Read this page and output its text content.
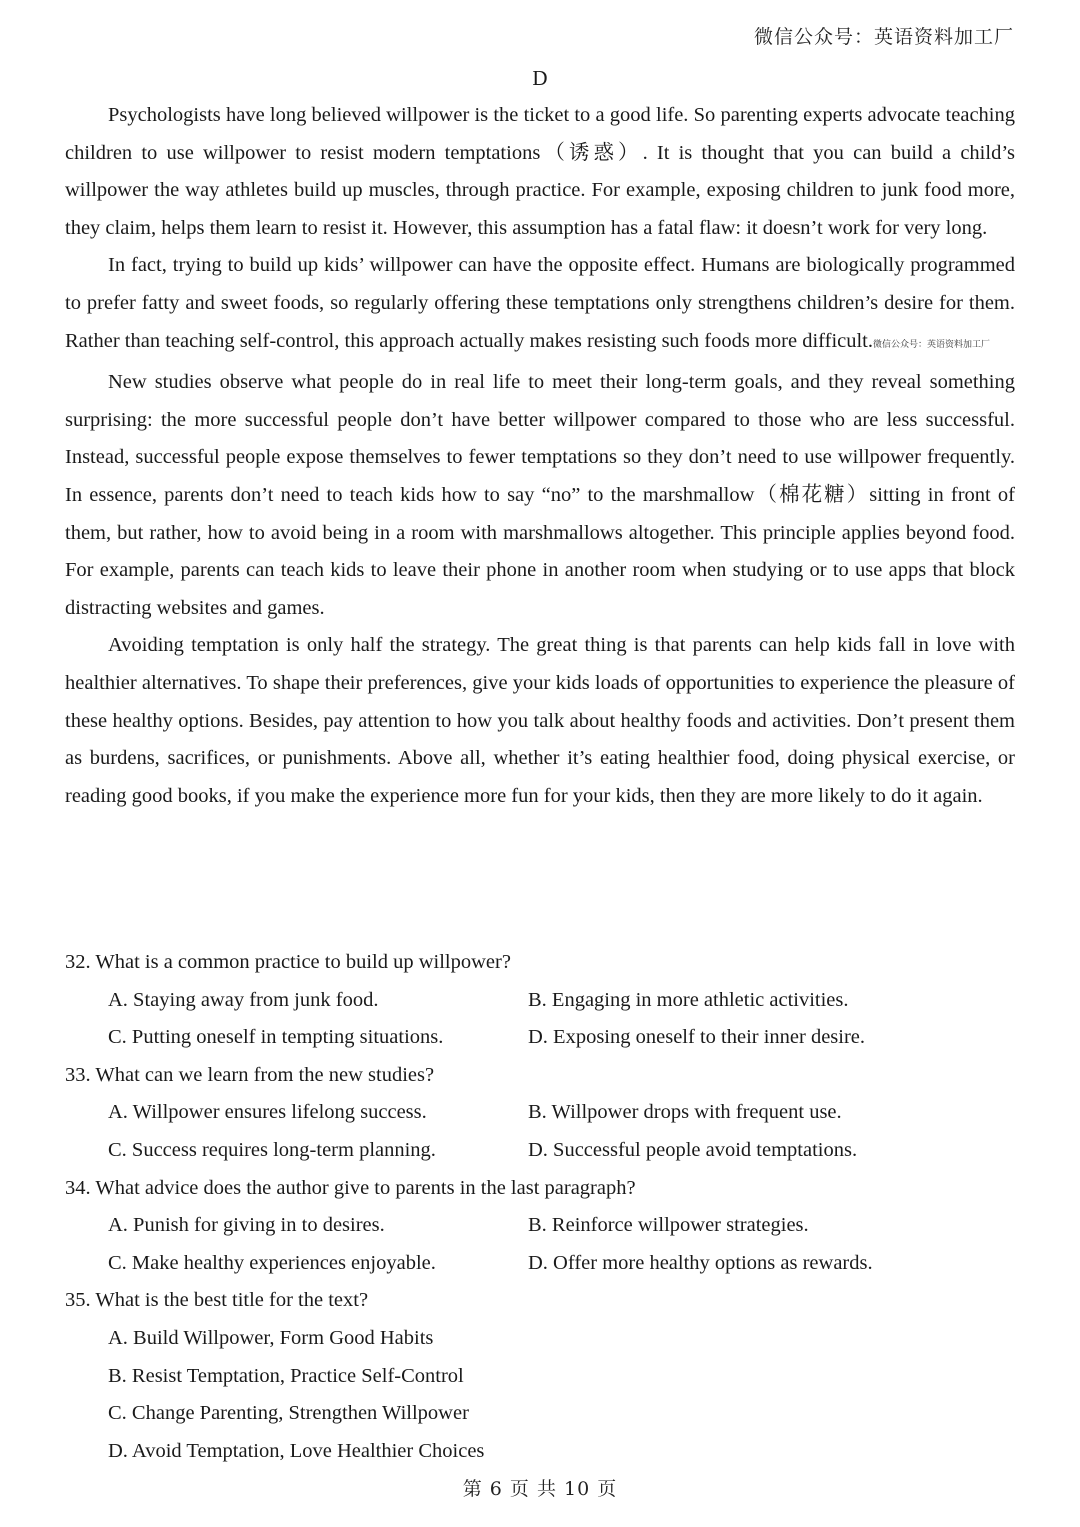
微信公众号：英语资料加工厂
D

Psychologists have long believed willpower is the ticket to a good life. So parenting experts advocate teaching children to use willpower to resist modern temptations（诱惑）. It is thought that you can build a child’s willpower the way athletes build up muscles, through practice. For example, exposing children to junk food more, they claim, helps them learn to resist it. However, this assumption has a fatal flaw: it doesn’t work for very long.

In fact, trying to build up kids’ willpower can have the opposite effect. Humans are biologically programmed to prefer fatty and sweet foods, so regularly offering these temptations only strengthens children’s desire for them. Rather than teaching self-control, this approach actually makes resisting such foods more difficult.微信公众号：英语资料加工厂

New studies observe what people do in real life to meet their long-term goals, and they reveal something surprising: the more successful people don’t have better willpower compared to those who are less successful. Instead, successful people expose themselves to fewer temptations so they don’t need to use willpower frequently. In essence, parents don’t need to teach kids how to say “no” to the marshmallow（棉花糖）sitting in front of them, but rather, how to avoid being in a room with marshmallows altogether. This principle applies beyond food. For example, parents can teach kids to leave their phone in another room when studying or to use apps that block distracting websites and games.

Avoiding temptation is only half the strategy. The great thing is that parents can help kids fall in love with healthier alternatives. To shape their preferences, give your kids loads of opportunities to experience the pleasure of these healthy options. Besides, pay attention to how you talk about healthy foods and activities. Don’t present them as burdens, sacrifices, or punishments. Above all, whether it’s eating healthier food, doing physical exercise, or reading good books, if you make the experience more fun for your kids, then they are more likely to do it again.

32. What is a common practice to build up willpower?
A. Staying away from junk food.	B. Engaging in more athletic activities.
C. Putting oneself in tempting situations.	D. Exposing oneself to their inner desire.
33. What can we learn from the new studies?
A. Willpower ensures lifelong success.	B. Willpower drops with frequent use.
C. Success requires long-term planning.	D. Successful people avoid temptations.
34. What advice does the author give to parents in the last paragraph?
A. Punish for giving in to desires.	B. Reinforce willpower strategies.
C. Make healthy experiences enjoyable.	D. Offer more healthy options as rewards.
35. What is the best title for the text?
A. Build Willpower, Form Good Habits
B. Resist Temptation, Practice Self-Control
C. Change Parenting, Strengthen Willpower
D. Avoid Temptation, Love Healthier Choices
第 6 页 共 10 页
